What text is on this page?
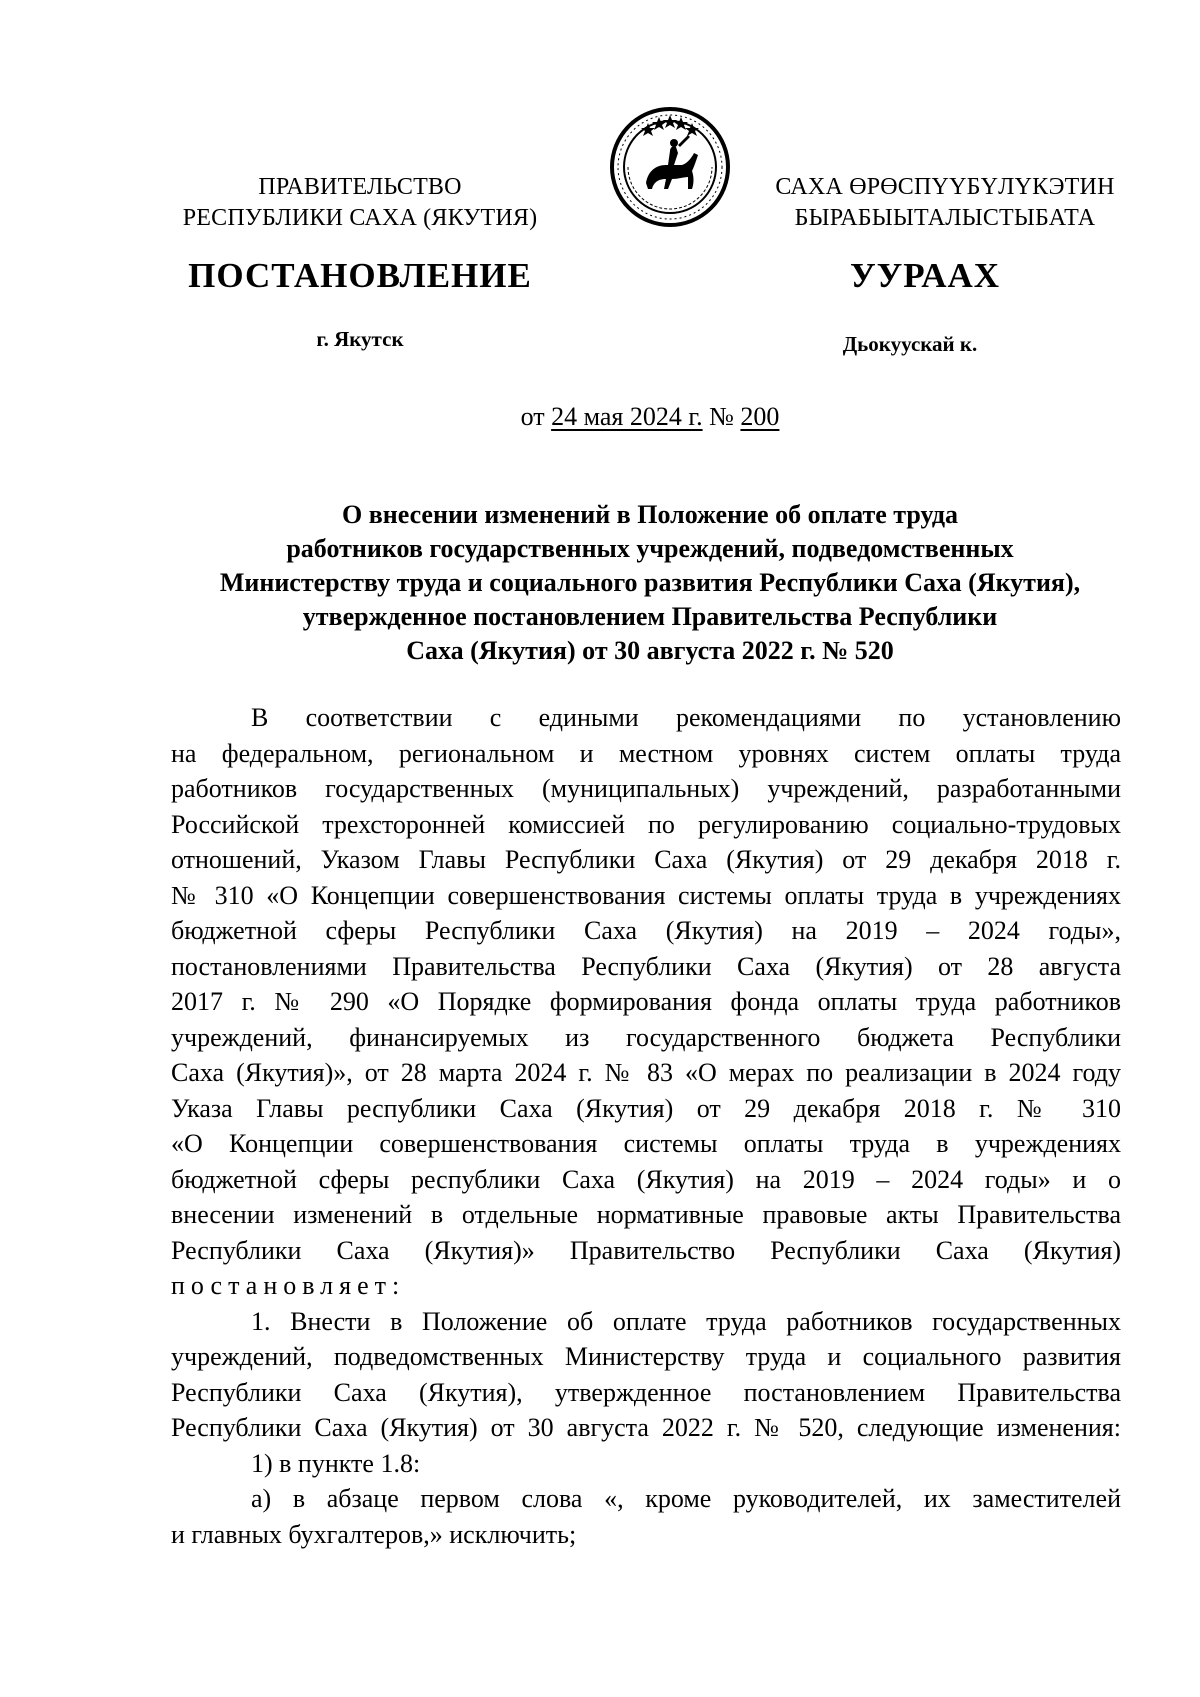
ПРАВИТЕЛЬСТВО
РЕСПУБЛИКИ САХА (ЯКУТИЯ)
САХА ӨРӨСПҮҮБҮЛҮКЭТИН
БЫРАБЫЫТАЛЫСТЫБАТА
ПОСТАНОВЛЕНИЕ	УУРААХ
г. Якутск	Дьокуускай к.
от 24 мая 2024 г. № 200
О внесении изменений в Положение об оплате труда
работников государственных учреждений, подведомственных
Министерству труда и социального развития Республики Саха (Якутия),
утвержденное постановлением Правительства Республики
Саха (Якутия) от 30 августа 2022 г. № 520

В соответствии с едиными рекомендациями по установлению

на федеральном, региональном и местном уровнях систем оплаты труда

работников государственных (муниципальных) учреждений, разработанными

Российской трехсторонней комиссией по регулированию социально-трудовых

отношений, Указом Главы Республики Саха (Якутия) от 29 декабря 2018 г.

№ 310 «О Концепции совершенствования системы оплаты труда в учреждениях

бюджетной сферы Республики Саха (Якутия) на 2019 – 2024 годы»,

постановлениями Правительства Республики Саха (Якутия) от 28 августа

2017 г. № 290 «О Порядке формирования фонда оплаты труда работников

учреждений, финансируемых из государственного бюджета Республики

Саха (Якутия)», от 28 марта 2024 г. № 83 «О мерах по реализации в 2024 году

Указа Главы республики Саха (Якутия) от 29 декабря 2018 г. № 310

«О Концепции совершенствования системы оплаты труда в учреждениях

бюджетной сферы республики Саха (Якутия) на 2019 – 2024 годы» и о

внесении изменений в отдельные нормативные правовые акты Правительства

Республики Саха (Якутия)» Правительство Республики Саха (Якутия)

постановляет:

1. Внести в Положение об оплате труда работников государственных

учреждений, подведомственных Министерству труда и социального развития

Республики Саха (Якутия), утвержденное постановлением Правительства

Республики Саха (Якутия) от 30 августа 2022 г. № 520, следующие изменения:

1) в пункте 1.8:

а) в абзаце первом слова «, кроме руководителей, их заместителей

и главных бухгалтеров,» исключить;
